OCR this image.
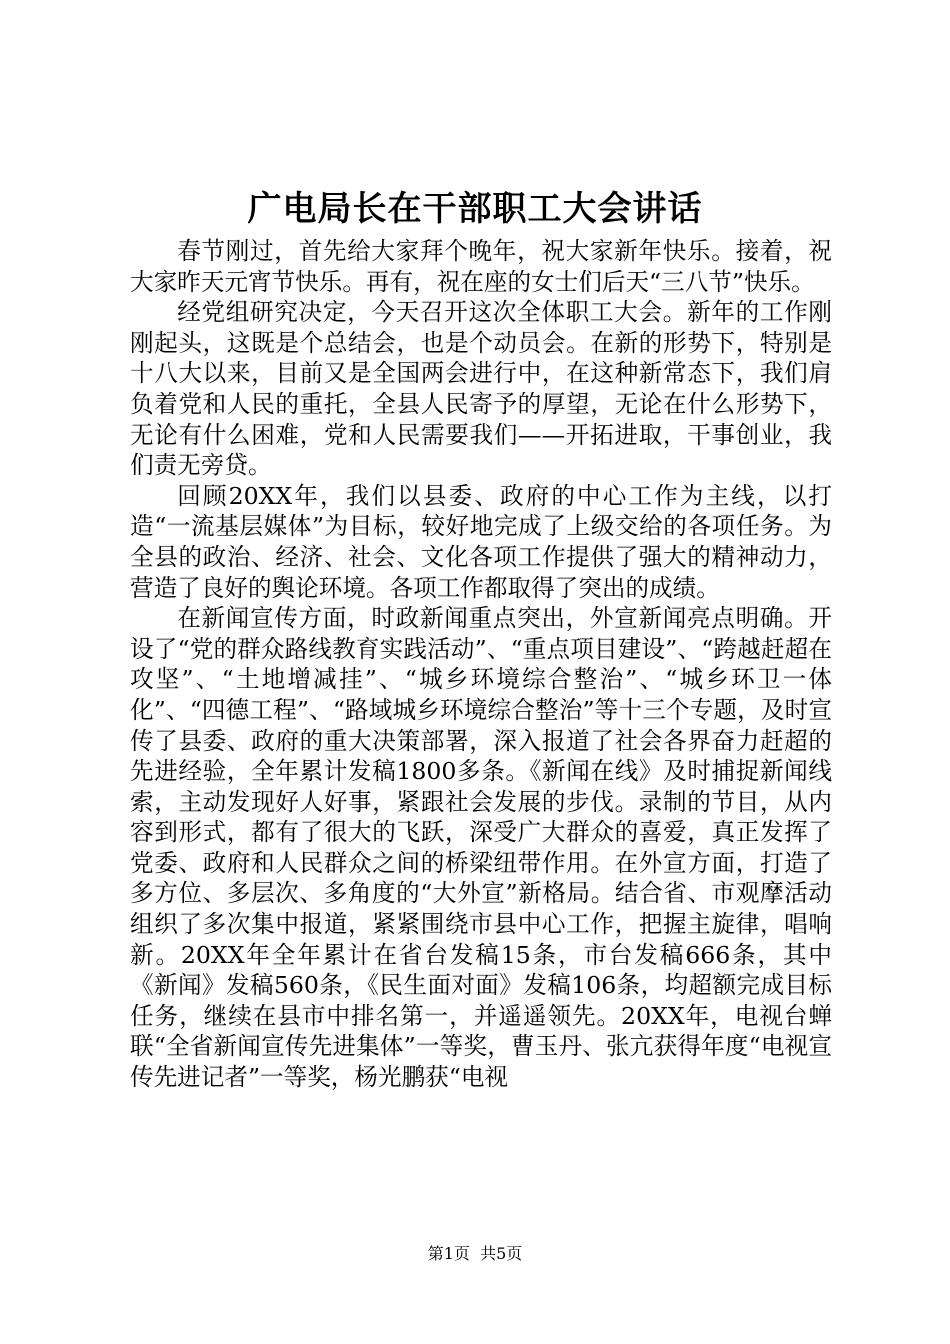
广电局长在干部职工大会讲话

春节刚过，首先给大家拜个晚年，祝大家新年快乐。接着，祝大家昨天元宵节快乐。再有，祝在座的女士们后天“三八节”快乐。

经党组研究决定，今天召开这次全体职工大会。新年的工作刚刚起头，这既是个总结会，也是个动员会。在新的形势下，特别是十八大以来，目前又是全国两会进行中，在这种新常态下，我们肩负着党和人民的重托，全县人民寄予的厚望，无论在什么形势下，无论有什么困难，党和人民需要我们——开拓进取，干事创业，我们责无旁贷。

回顾20XX年，我们以县委、政府的中心工作为主线，以打造“一流基层媒体”为目标，较好地完成了上级交给的各项任务。为全县的政治、经济、社会、文化各项工作提供了强大的精神动力，营造了良好的舆论环境。各项工作都取得了突出的成绩。

在新闻宣传方面，时政新闻重点突出，外宣新闻亮点明确。开设了“党的群众路线教育实践活动”、“重点项目建设”、“跨越赶超在攻坚”、“土地增减挂”、“城乡环境综合整治”、“城乡环卫一体化”、“四德工程”、“路域城乡环境综合整治”等十三个专题，及时宣传了县委、政府的重大决策部署，深入报道了社会各界奋力赶超的先进经验，全年累计发稿1800多条。《新闻在线》及时捕捉新闻线索，主动发现好人好事，紧跟社会发展的步伐。录制的节目，从内容到形式，都有了很大的飞跃，深受广大群众的喜爱，真正发挥了党委、政府和人民群众之间的桥梁纽带作用。在外宣方面，打造了多方位、多层次、多角度的“大外宣”新格局。结合省、市观摩活动组织了多次集中报道，紧紧围绕市县中心工作，把握主旋律，唱响新。20XX年全年累计在省台发稿15条，市台发稿666条，其中《新闻》发稿560条，《民生面对面》发稿106条，均超额完成目标任务，继续在县市中排名第一，并遥遥领先。20XX年，电视台蝉联“全省新闻宣传先进集体”一等奖，曹玉丹、张亢获得年度“电视宣传先进记者”一等奖，杨光鹏获“电视

第1页 共5页
